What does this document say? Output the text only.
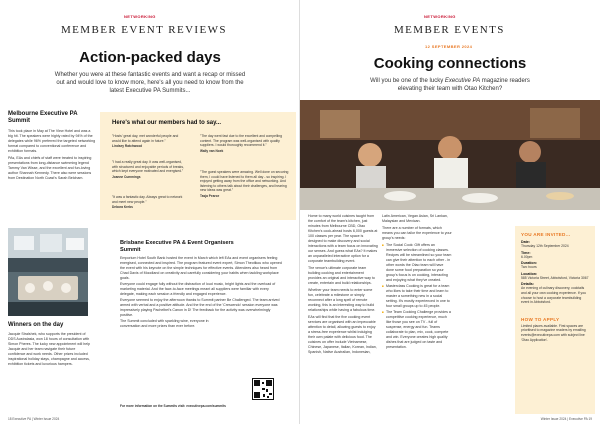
NETWORKING
MEMBER EVENT REVIEWS
Action-packed days
Whether you were at these fantastic events and want a recap or missed out and would love to know more, here's all you need to know from the latest Executive PA Summits...
Melbourne Executive PA Summit

This took place in May at The View Hotel and was a big hit. The speakers were highly rated by 94% of the delegates while 96% preferred the targeted networking format compared to conventional conference and exhibition formats.

PAs, EAs and chiefs of staff were treated to inspiring presentations from long-distance swimming legend Tammy Van Wisse, and the excellent and fun-loving author Shannah Kennedy. There also were sessions from Destination North Coast's Sarah Belcham.

Here's what our members had to say...
"Hosts' great day, met wonderful people and would like to attend again in future."
Lindsey Ratchwood
"The day went fast due to the excellent and compelling content. The program was well-organised with quality suppliers. I would thoroughly recommend it."
Wally van Noek
"I had a really great day. It was well-organised, with structured and enjoyable periods of breaks, which kept everyone motivated and energised."
Joanne Cummings
"The guest speakers were amazing. Well done on securing them, I could have listened to them all day - so inspiring. I enjoyed getting away from the office and networking. And listening to others talk about their challenges, and hearing new ideas was great."
Tasja Pearce
"It was a fantastic day. Always great to network and meet new people."
Debora Krebs
Winners on the day
Jacquie Stralshek, who supports the president of DDS Australasia, won 18 hours of consultation with Simon Pheres. The lucky new appointment will help Jacquie and her team navigate their future confidence and work needs. Other prizes included inspirational holiday stays, champagne and access, exhibition tickets and luxurious hampers.
Brisbane Executive PA & Event Organisers Summit

Emporium Hotel South Bank hosted the event in March which left EAs and event organisers feeling energised, connected and inspired. The program featured event expert, Simon Theotikou who opened the event with his keynote on the simple techniques for effective events. Attendees also heard from Chad Davis of Moodland on creativity and carefully considering your habits when tackling workplace goals.

Everyone could engage fully without the distraction of loud music, bright lights and the overload of marketing material. And the face-to-face meetings meant all suppliers were familiar with every delegate, making each session a friendly and engaged experience.

Everyone seemed to enjoy the afternoon thanks to Summit partner Be Challenged. The team arrived armed with verbal and a positive attitude. And the the end of the 'Crescendo' session everyone was impressively playing Pachelbel's Canon in D! The feedback for the activity was overwhelmingly positive.

The Summit concluded with sparkling wine, everyone in conversation and more prizes than ever before.

For more information on the Summits visit: executivepa.com/summits
18 Executive PA | Winter Issue 2024
NETWORKING
MEMBER EVENTS
12 SEPTEMBER 2024
Cooking connections
Will you be one of the lucky Executive PA magazine readers elevating their team with Otao Kitchen?

Home to many world cuisines taught from the comfort of the team's kitchen, just minutes from Melbourne CBD, Otao Kitchen's cook-ahead hosts 6,000 guests at 100 classes per year. The space is designed to make discovery and social interactions with a team focus on innovating our senses. And guess what EAs? It makes an unparalleled interactive option for a corporate teambuilding event.

The venue's ultimate corporate team building cooking and entertainment provides an original and interactive way to create, entertain and build relationships.

Whether your team needs to enter some fun, celebrate a milestone or simply reconnect after a long spell of remote working, this is an interesting way to build relationships while having a fabulous time.

EAs will find that the five cooking event services are organised with an impeccable attention to detail, allowing guests to enjoy a stress-free experience whilst indulging their own palate with delicious food. The cuisines on offer include Vietnamese, Chinese, Japanese, Italian, Korean, Indian, Spanish, Native Australian, Indonesian,

Latin American, Vegan Asian, Sri Lankan, Malaysian and Mexican.

There are a number of formats, which means you can tailor the experience to your group's needs:

■ The Social Cook: Gift offers an immersive selection of cooking classes. Recipes will be streamlined so your team can give their attention to each other - in other words the Otao team will have done some food preparation so your group's focus is on cooking, interacting and enjoying what they've created.
■ Masterclass Cooking is great for a team who likes to take their time and learn to master a something new in a social setting. It's mostly experienced in one to four small groups up to 45 people.
■ The Team Cooking Challenge provides a competitive cooking experience, much like those you see on TV - full of suspense, energy and fun. Teams collaborate to plan, mix, cook, compete and win. Everyone creates high quality dishes that are judged on taste and presentation.
YOU ARE INVITED...
Date:
Thursday 12th September 2024
Time:
6.00pm
Duration:
Two hours
Location:
585 Victoria Street, Abbotsford, Victoria 3067
Details:
An evening of culinary discovery, cocktails and all your own cooking experience. If you choose to host a corporate teambuilding event in Abbotsford.
HOW TO APPLY
Limited places available. First spaces are prioritised to magazine readers by emailing events@executivepa.com with subject line 'Otao Application'.
Winter Issue 2024 | Executive PA 19
